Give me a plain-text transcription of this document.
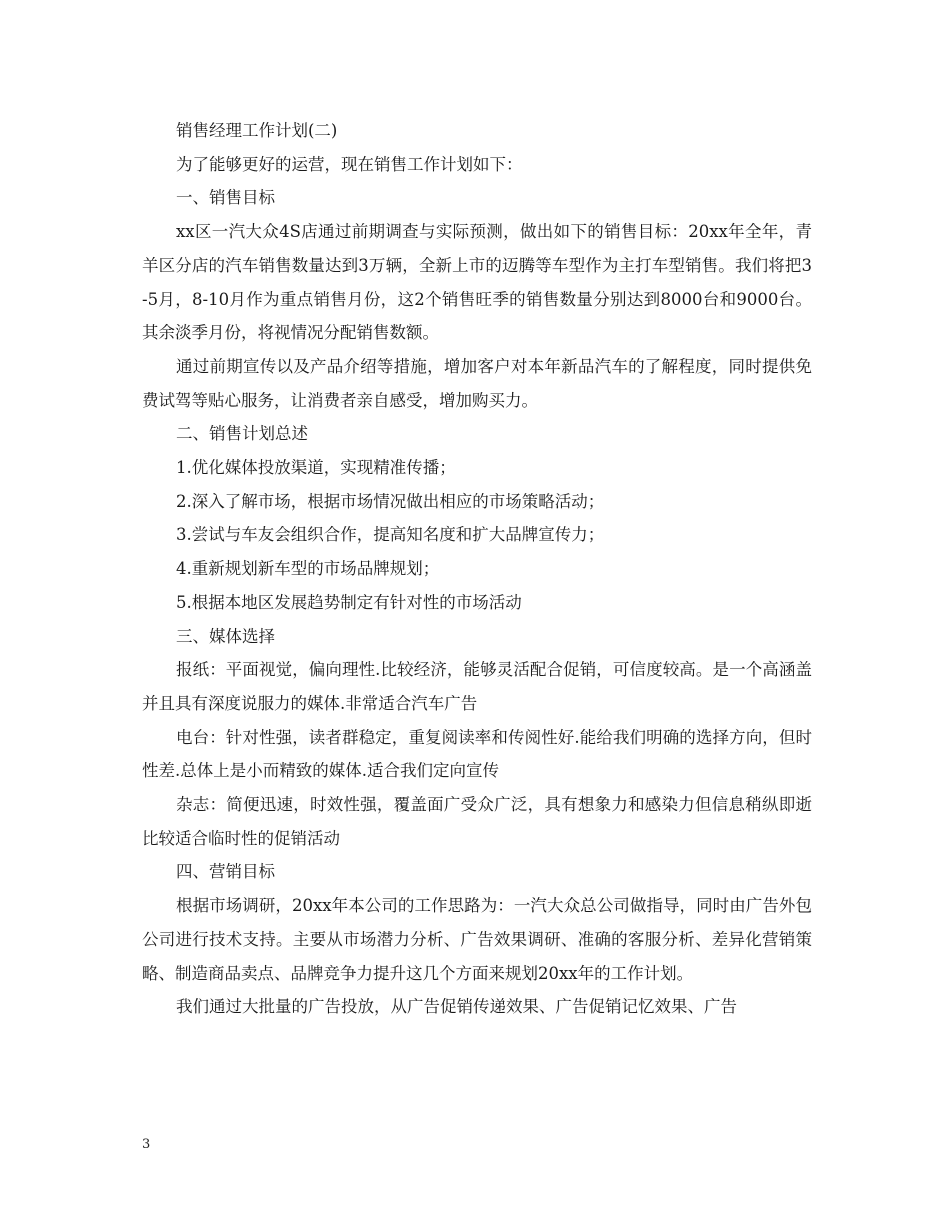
销售经理工作计划(二)

为了能够更好的运营，现在销售工作计划如下：

一、销售目标

xx区一汽大众4S店通过前期调查与实际预测，做出如下的销售目标：20xx年全年，青羊区分店的汽车销售数量达到3万辆，全新上市的迈腾等车型作为主打车型销售。我们将把3-5月，8-10月作为重点销售月份，这2个销售旺季的销售数量分别达到8000台和9000台。其余淡季月份，将视情况分配销售数额。

通过前期宣传以及产品介绍等措施，增加客户对本年新品汽车的了解程度，同时提供免费试驾等贴心服务，让消费者亲自感受，增加购买力。

二、销售计划总述

1.优化媒体投放渠道，实现精准传播；

2.深入了解市场，根据市场情况做出相应的市场策略活动；

3.尝试与车友会组织合作，提高知名度和扩大品牌宣传力；

4.重新规划新车型的市场品牌规划；

5.根据本地区发展趋势制定有针对性的市场活动

三、媒体选择

报纸：平面视觉，偏向理性.比较经济，能够灵活配合促销，可信度较高。是一个高涵盖并且具有深度说服力的媒体.非常适合汽车广告

电台：针对性强，读者群稳定，重复阅读率和传阅性好.能给我们明确的选择方向，但时性差.总体上是小而精致的媒体.适合我们定向宣传

杂志：简便迅速，时效性强，覆盖面广受众广泛，具有想象力和感染力但信息稍纵即逝比较适合临时性的促销活动

四、营销目标

根据市场调研，20xx年本公司的工作思路为：一汽大众总公司做指导，同时由广告外包公司进行技术支持。主要从市场潜力分析、广告效果调研、准确的客服分析、差异化营销策略、制造商品卖点、品牌竞争力提升这几个方面来规划20xx年的工作计划。

我们通过大批量的广告投放，从广告促销传递效果、广告促销记忆效果、广告

3
